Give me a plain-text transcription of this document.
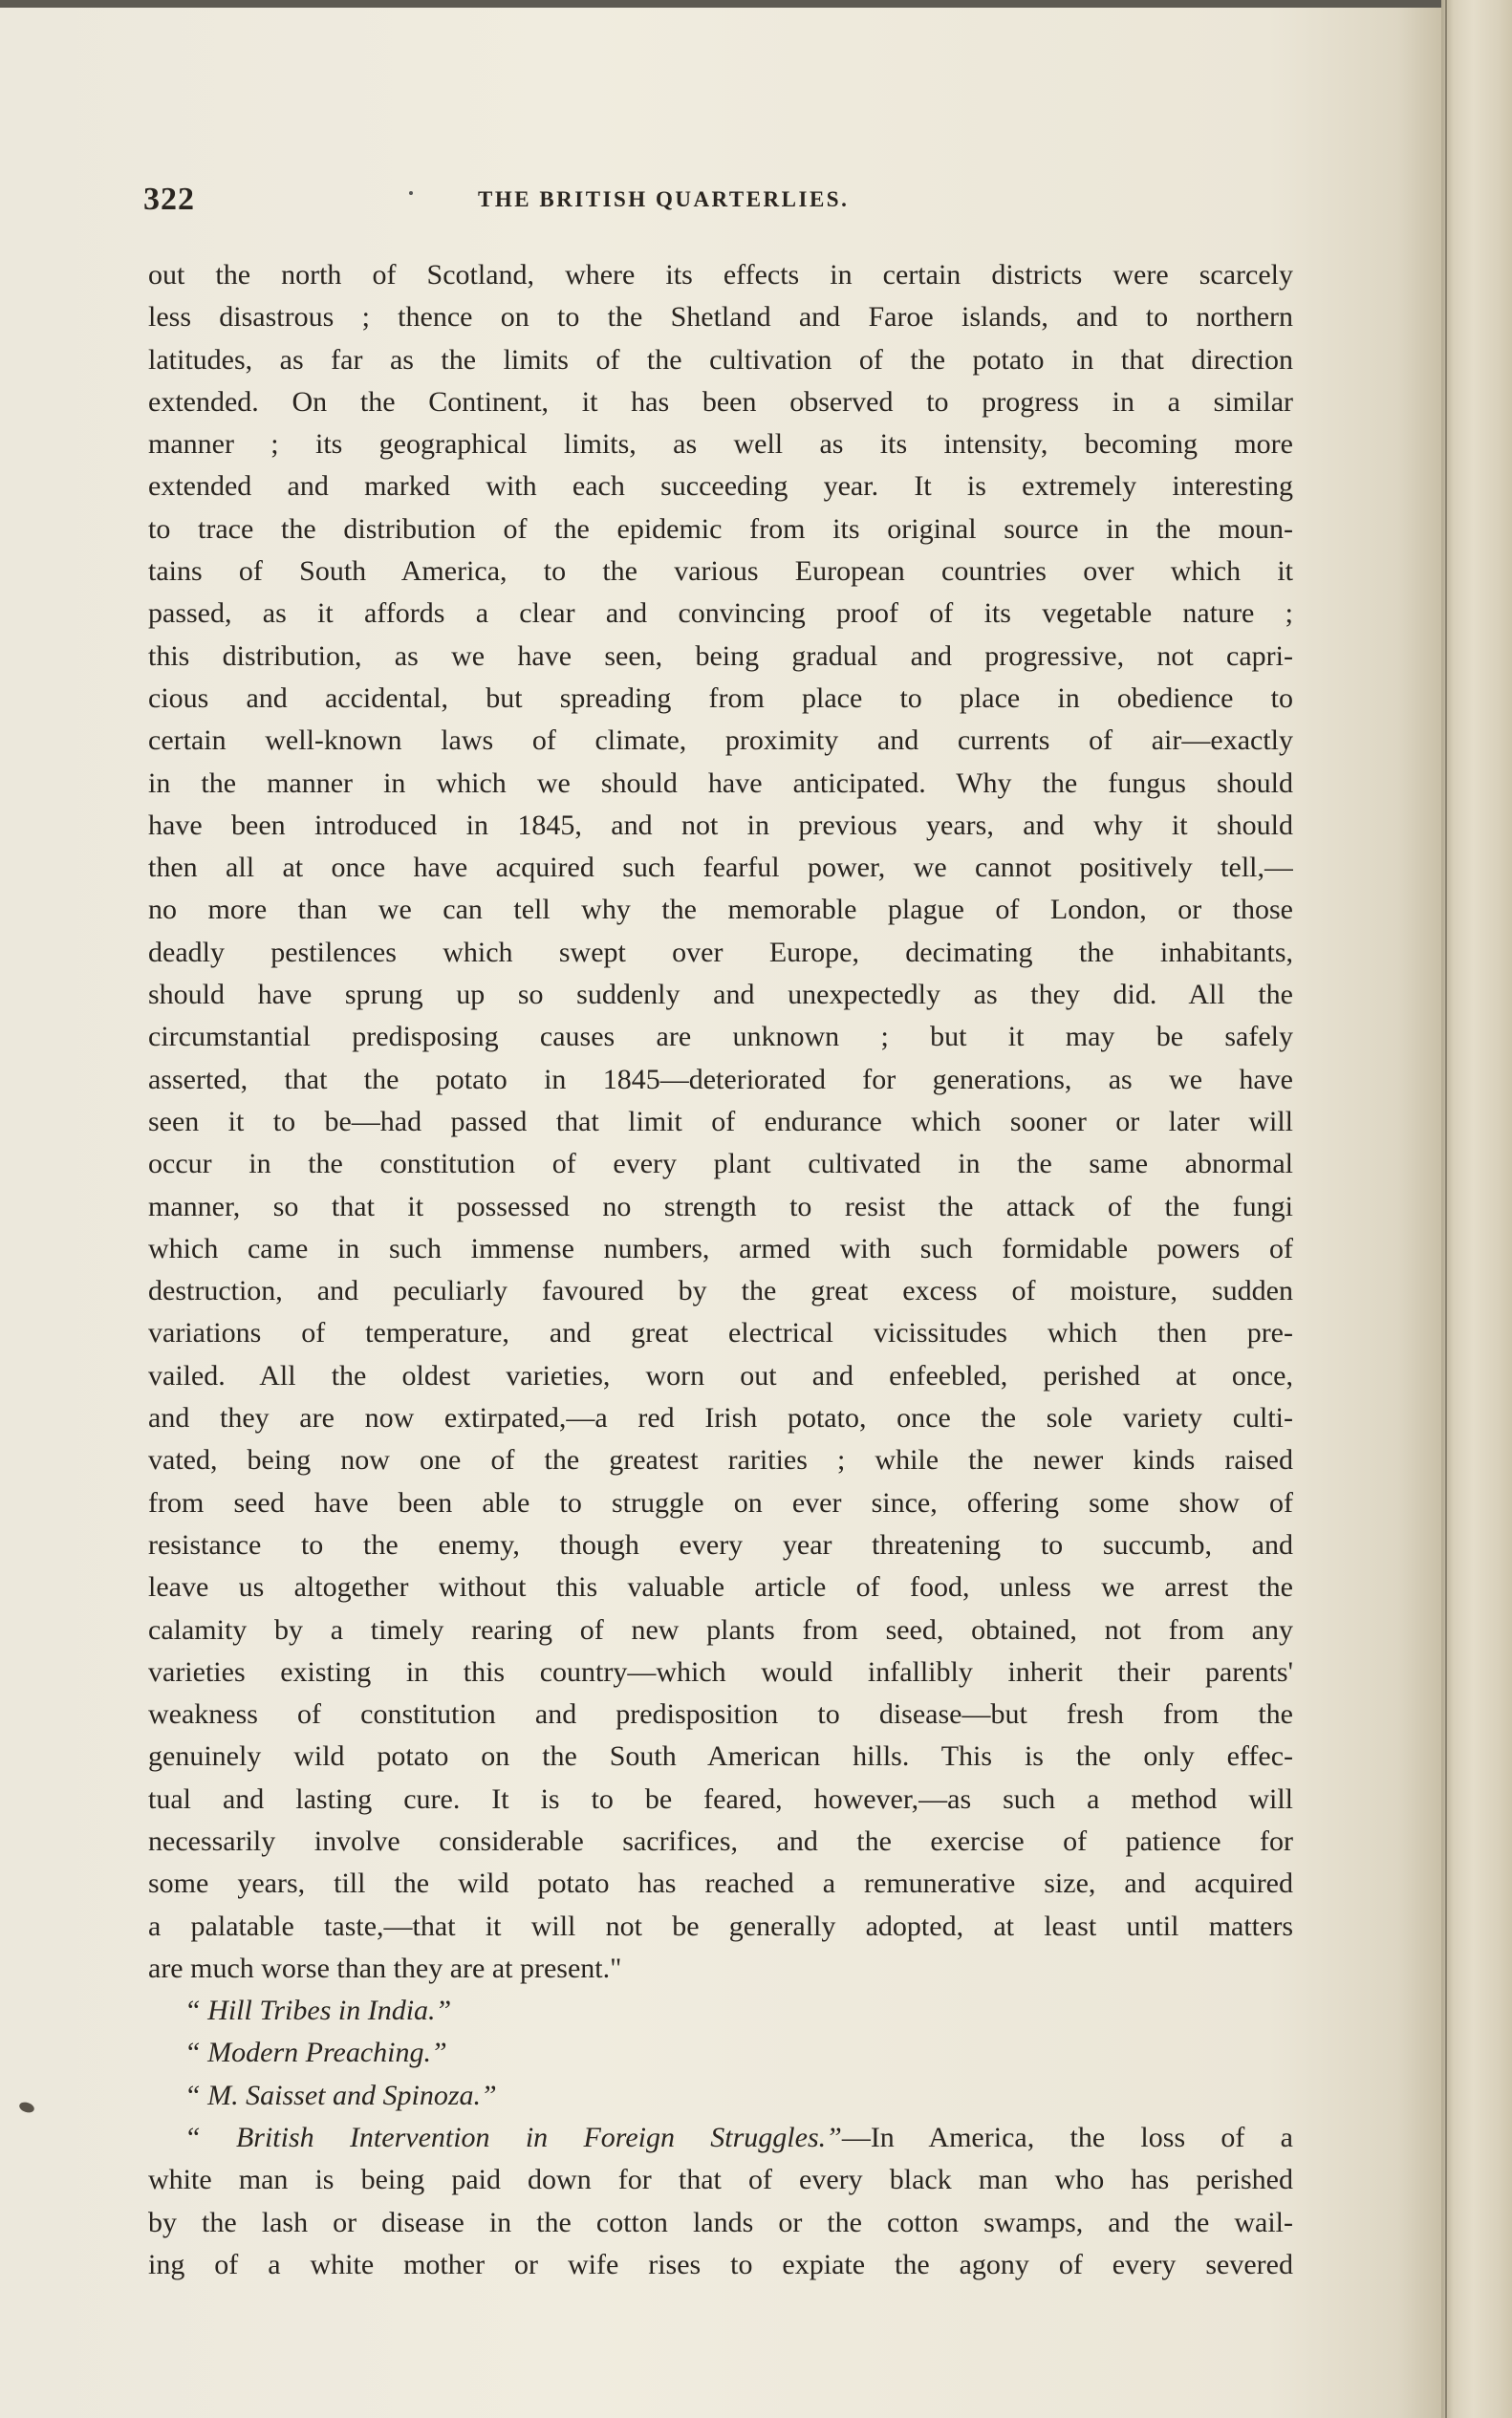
322	THE BRITISH QUARTERLIES.
out the north of Scotland, where its effects in certain districts were scarcely
less disastrous ; thence on to the Shetland and Faroe islands, and to northern
latitudes, as far as the limits of the cultivation of the potato in that direction
extended. On the Continent, it has been observed to progress in a similar
manner ; its geographical limits, as well as its intensity, becoming more
extended and marked with each succeeding year. It is extremely interesting
to trace the distribution of the epidemic from its original source in the moun-
tains of South America, to the various European countries over which it
passed, as it affords a clear and convincing proof of its vegetable nature ;
this distribution, as we have seen, being gradual and progressive, not capri-
cious and accidental, but spreading from place to place in obedience to
certain well-known laws of climate, proximity and currents of air—exactly
in the manner in which we should have anticipated. Why the fungus should
have been introduced in 1845, and not in previous years, and why it should
then all at once have acquired such fearful power, we cannot positively tell,—
no more than we can tell why the memorable plague of London, or those
deadly pestilences which swept over Europe, decimating the inhabitants,
should have sprung up so suddenly and unexpectedly as they did. All the
circumstantial predisposing causes are unknown ; but it may be safely
asserted, that the potato in 1845—deteriorated for generations, as we have
seen it to be—had passed that limit of endurance which sooner or later will
occur in the constitution of every plant cultivated in the same abnormal
manner, so that it possessed no strength to resist the attack of the fungi
which came in such immense numbers, armed with such formidable powers of
destruction, and peculiarly favoured by the great excess of moisture, sudden
variations of temperature, and great electrical vicissitudes which then pre-
vailed. All the oldest varieties, worn out and enfeebled, perished at once,
and they are now extirpated,—a red Irish potato, once the sole variety culti-
vated, being now one of the greatest rarities ; while the newer kinds raised
from seed have been able to struggle on ever since, offering some show of
resistance to the enemy, though every year threatening to succumb, and
leave us altogether without this valuable article of food, unless we arrest the
calamity by a timely rearing of new plants from seed, obtained, not from any
varieties existing in this country—which would infallibly inherit their parents'
weakness of constitution and predisposition to disease—but fresh from the
genuinely wild potato on the South American hills. This is the only effec-
tual and lasting cure. It is to be feared, however,—as such a method will
necessarily involve considerable sacrifices, and the exercise of patience for
some years, till the wild potato has reached a remunerative size, and acquired
a palatable taste,—that it will not be generally adopted, at least until matters
are much worse than they are at present."
“ Hill Tribes in India.”
“ Modern Preaching.”
“ M. Saisset and Spinoza.”
“ British Intervention in Foreign Struggles.”—In America, the loss of a
white man is being paid down for that of every black man who has perished
by the lash or disease in the cotton lands or the cotton swamps, and the wail-
ing of a white mother or wife rises to expiate the agony of every severed
